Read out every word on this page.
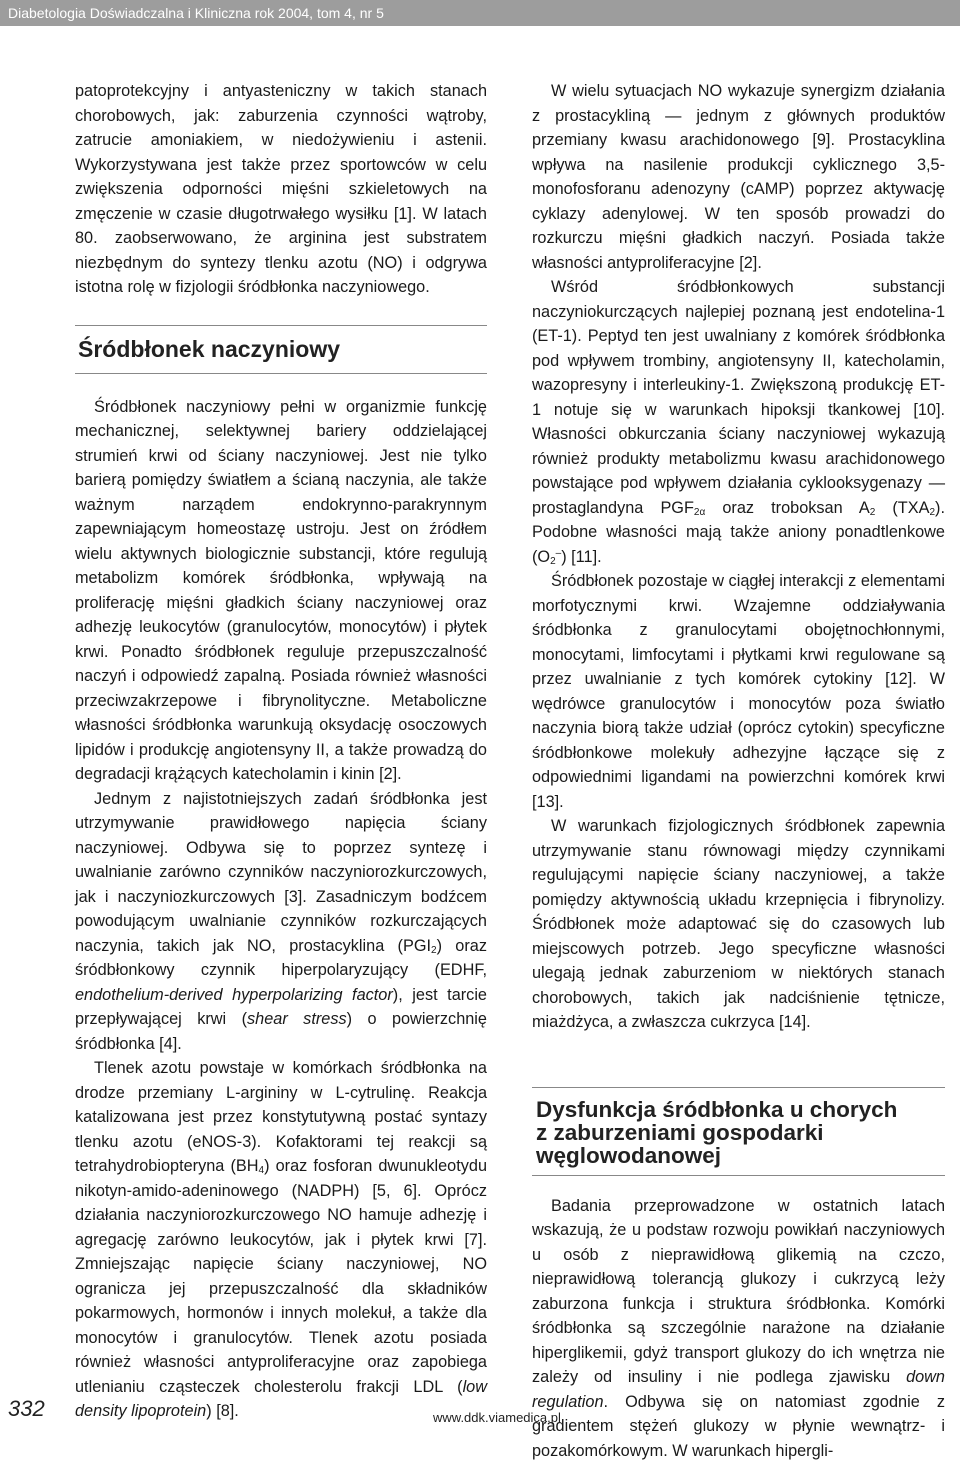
Diabetologia Doświadczalna i Kliniczna rok 2004, tom 4, nr 5

patoprotekcyjny i antyasteniczny w takich stanach chorobowych, jak: zaburzenia czynności wątroby, zatrucie amoniakiem, w niedożywieniu i astenii. Wykorzystywana jest także przez sportowców w celu zwiększenia odporności mięśni szkieletowych na zmęczenie w czasie długotrwałego wysiłku [1]. W latach 80. zaobserwowano, że arginina jest substratem niezbędnym do syntezy tlenku azotu (NO) i odgrywa istotna rolę w fizjologii śródbłonka naczyniowego.

Śródbłonek naczyniowy

Śródbłonek naczyniowy pełni w organizmie funkcję mechanicznej, selektywnej bariery oddzielającej strumień krwi od ściany naczyniowej. Jest nie tylko barierą pomiędzy światłem a ścianą naczynia, ale także ważnym narządem endokrynno-parakrynnym zapewniającym homeostazę ustroju. Jest on źródłem wielu aktywnych biologicznie substancji, które regulują metabolizm komórek śródbłonka, wpływają na proliferację mięśni gładkich ściany naczyniowej oraz adhezję leukocytów (granulocytów, monocytów) i płytek krwi. Ponadto śródbłonek reguluje przepuszczalność naczyń i odpowiedź zapalną. Posiada również własności przeciwzakrzepowe i fibrynolityczne. Metaboliczne własności śródbłonka warunkują oksydację osoczowych lipidów i produkcję angiotensyny II, a także prowadzą do degradacji krążących katecholamin i kinin [2].

Jednym z najistotniejszych zadań śródbłonka jest utrzymywanie prawidłowego napięcia ściany naczyniowej. Odbywa się to poprzez syntezę i uwalnianie zarówno czynników naczyniorozkurczowych, jak i naczyniozkurczowych [3]. Zasadniczym bodźcem powodującym uwalnianie czynników rozkurczających naczynia, takich jak NO, prostacyklina $(PGI_2)$ oraz śródbłonkowy czynnik hiperpolaryzujący (EDHF, endothelium-derived hyperpolarizing factor), jest tarcie przepływającej krwi (shear stress) o powierzchnię śródbłonka [4].

Tlenek azotu powstaje w komórkach śródbłonka na drodze przemiany L-argininy w L-cytrulinę. Reakcja katalizowana jest przez konstytutywną postać syntazy tlenku azotu (eNOS-3). Kofaktorami tej reakcji są tetrahydrobiopteryna $(BH_4)$ oraz fosforan dwunukleotydu nikotyn-amido-adeninowego (NADPH) [5, 6]. Oprócz działania naczyniorozkurczowego NO hamuje adhezję i agregację zarówno leukocytów, jak i płytek krwi [7]. Zmniejszając napięcie ściany naczyniowej, NO ogranicza jej przepuszczalność dla składników pokarmowych, hormonów i innych molekuł, a także dla monocytów i granulocytów. Tlenek azotu posiada również własności antyproliferacyjne oraz zapobiega utlenianiu cząsteczek cholesterolu frakcji LDL (low density lipoprotein) [8].

W wielu sytuacjach NO wykazuje synergizm działania z prostacykliną — jednym z głównych produktów przemiany kwasu arachidonowego [9]. Prostacyklina wpływa na nasilenie produkcji cyklicznego 3,5-monofosforanu adenozyny (cAMP) poprzez aktywację cyklazy adenylowej. W ten sposób prowadzi do rozkurczu mięśni gładkich naczyń. Posiada także własności antyproliferacyjne [2].

Wśród śródbłonkowych substancji naczyniokurczących najlepiej poznaną jest endotelina-1 (ET-1). Peptyd ten jest uwalniany z komórek śródbłonka pod wpływem trombiny, angiotensyny II, katecholamin, wazopresyny i interleukiny-1. Zwiększoną produkcję ET-1 notuje się w warunkach hipoksji tkankowej [10]. Własności obkurczania ściany naczyniowej wykazują również produkty metabolizmu kwasu arachidonowego powstające pod wpływem działania cyklooksygenazy — prostaglandyna $PGF_{2\alpha}$ oraz troboksan $A_2$ $(TXA_2)$. Podobne własności mają także aniony ponadtlenkowe $(O_2^-)$ [11].

Śródbłonek pozostaje w ciągłej interakcji z elementami morfotycznymi krwi. Wzajemne oddziaływania śródbłonka z granulocytami obojętnochłonnymi, monocytami, limfocytami i płytkami krwi regulowane są przez uwalnianie z tych komórek cytokiny [12]. W wędrówce granulocytów i monocytów poza światło naczynia biorą także udział (oprócz cytokin) specyficzne śródbłonkowe molekuły adhezyjne łączące się z odpowiednimi ligandami na powierzchni komórek krwi [13].

W warunkach fizjologicznych śródbłonek zapewnia utrzymywanie stanu równowagi między czynnikami regulującymi napięcie ściany naczyniowej, a także pomiędzy aktywnością układu krzepnięcia i fibrynolizy. Śródbłonek może adaptować się do czasowych lub miejscowych potrzeb. Jego specyficzne własności ulegają jednak zaburzeniom w niektórych stanach chorobowych, takich jak nadciśnienie tętnicze, miażdżyca, a zwłaszcza cukrzyca [14].

Dysfunkcja śródbłonka u chorych
z zaburzeniami gospodarki
węglowodanowej

Badania przeprowadzone w ostatnich latach wskazują, że u podstaw rozwoju powikłań naczyniowych u osób z nieprawidłową glikemią na czczo, nieprawidłową tolerancją glukozy i cukrzycą leży zaburzona funkcja i struktura śródbłonka. Komórki śródbłonka są szczególnie narażone na działanie hiperglikemii, gdyż transport glukozy do ich wnętrza nie zależy od insuliny i nie podlega zjawisku down regulation. Odbywa się on natomiast zgodnie z gradientem stężeń glukozy w płynie wewnątrz- i pozakomórkowym. W warunkach hipergli-

332	www.ddk.viamedica.pl
